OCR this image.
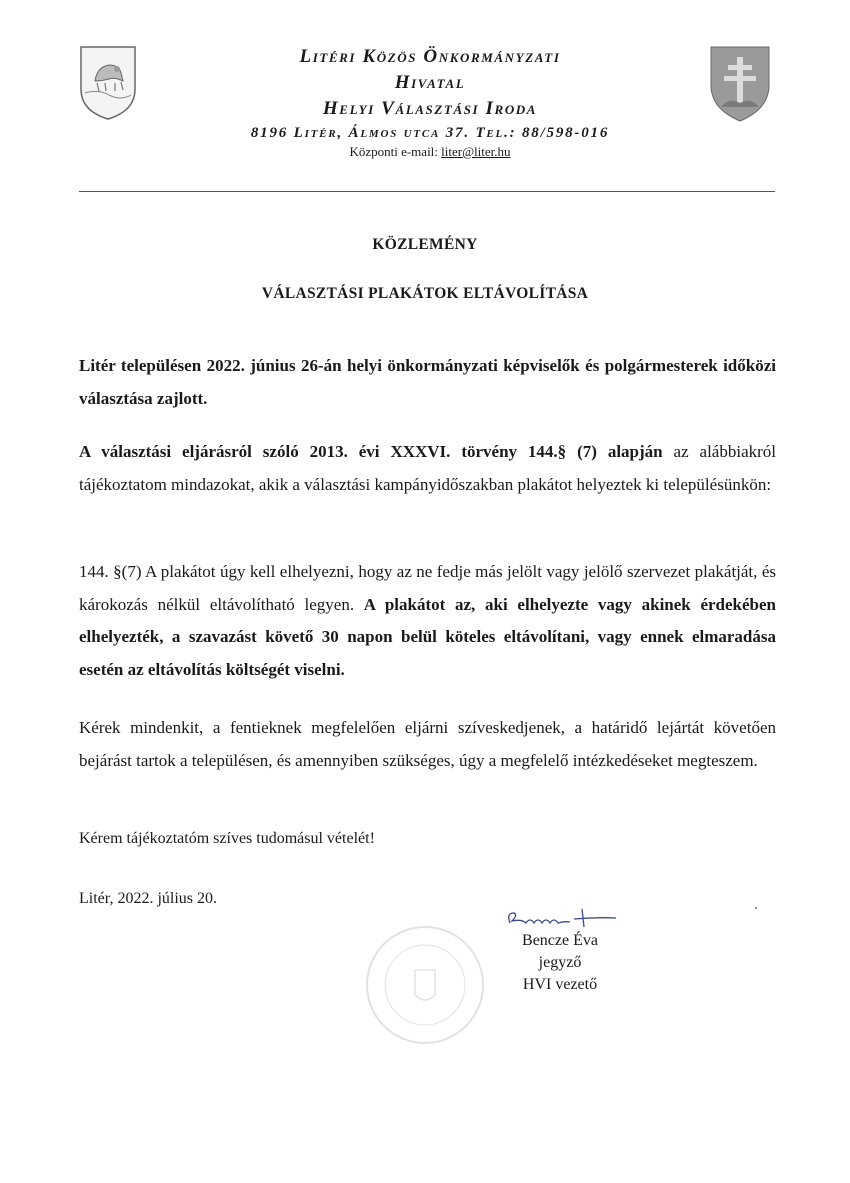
Litéri Közös Önkormányzati
Hivatal
Helyi Választási Iroda
8196 Litér, Álmos utca 37. Tel.: 88/598-016
Központi e-mail: liter@liter.hu
KÖZLEMÉNY
VÁLASZTÁSI PLAKÁTOK ELTÁVOLÍTÁSA
Litér településen 2022. június 26-án helyi önkormányzati képviselők és polgármesterek időközi választása zajlott.
A választási eljárásról szóló 2013. évi XXXVI. törvény 144.§ (7) alapján az alábbiakról tájékoztatom mindazokat, akik a választási kampányidőszakban plakátot helyeztek ki településünkön:
144. §(7) A plakátot úgy kell elhelyezni, hogy az ne fedje más jelölt vagy jelölő szervezet plakátját, és károkozás nélkül eltávolítható legyen. A plakátot az, aki elhelyezte vagy akinek érdekében elhelyezték, a szavazást követő 30 napon belül köteles eltávolítani, vagy ennek elmaradása esetén az eltávolítás költségét viselni.
Kérek mindenkit, a fentieknek megfelelően eljárni szíveskedjenek, a határidő lejártát követően bejárást tartok a településen, és amennyiben szükséges, úgy a megfelelő intézkedéseket megteszem.
Kérem tájékoztatóm szíves tudomásul vételét!
Litér, 2022. július 20.
Bencze Éva
jegyző
HVI vezető
